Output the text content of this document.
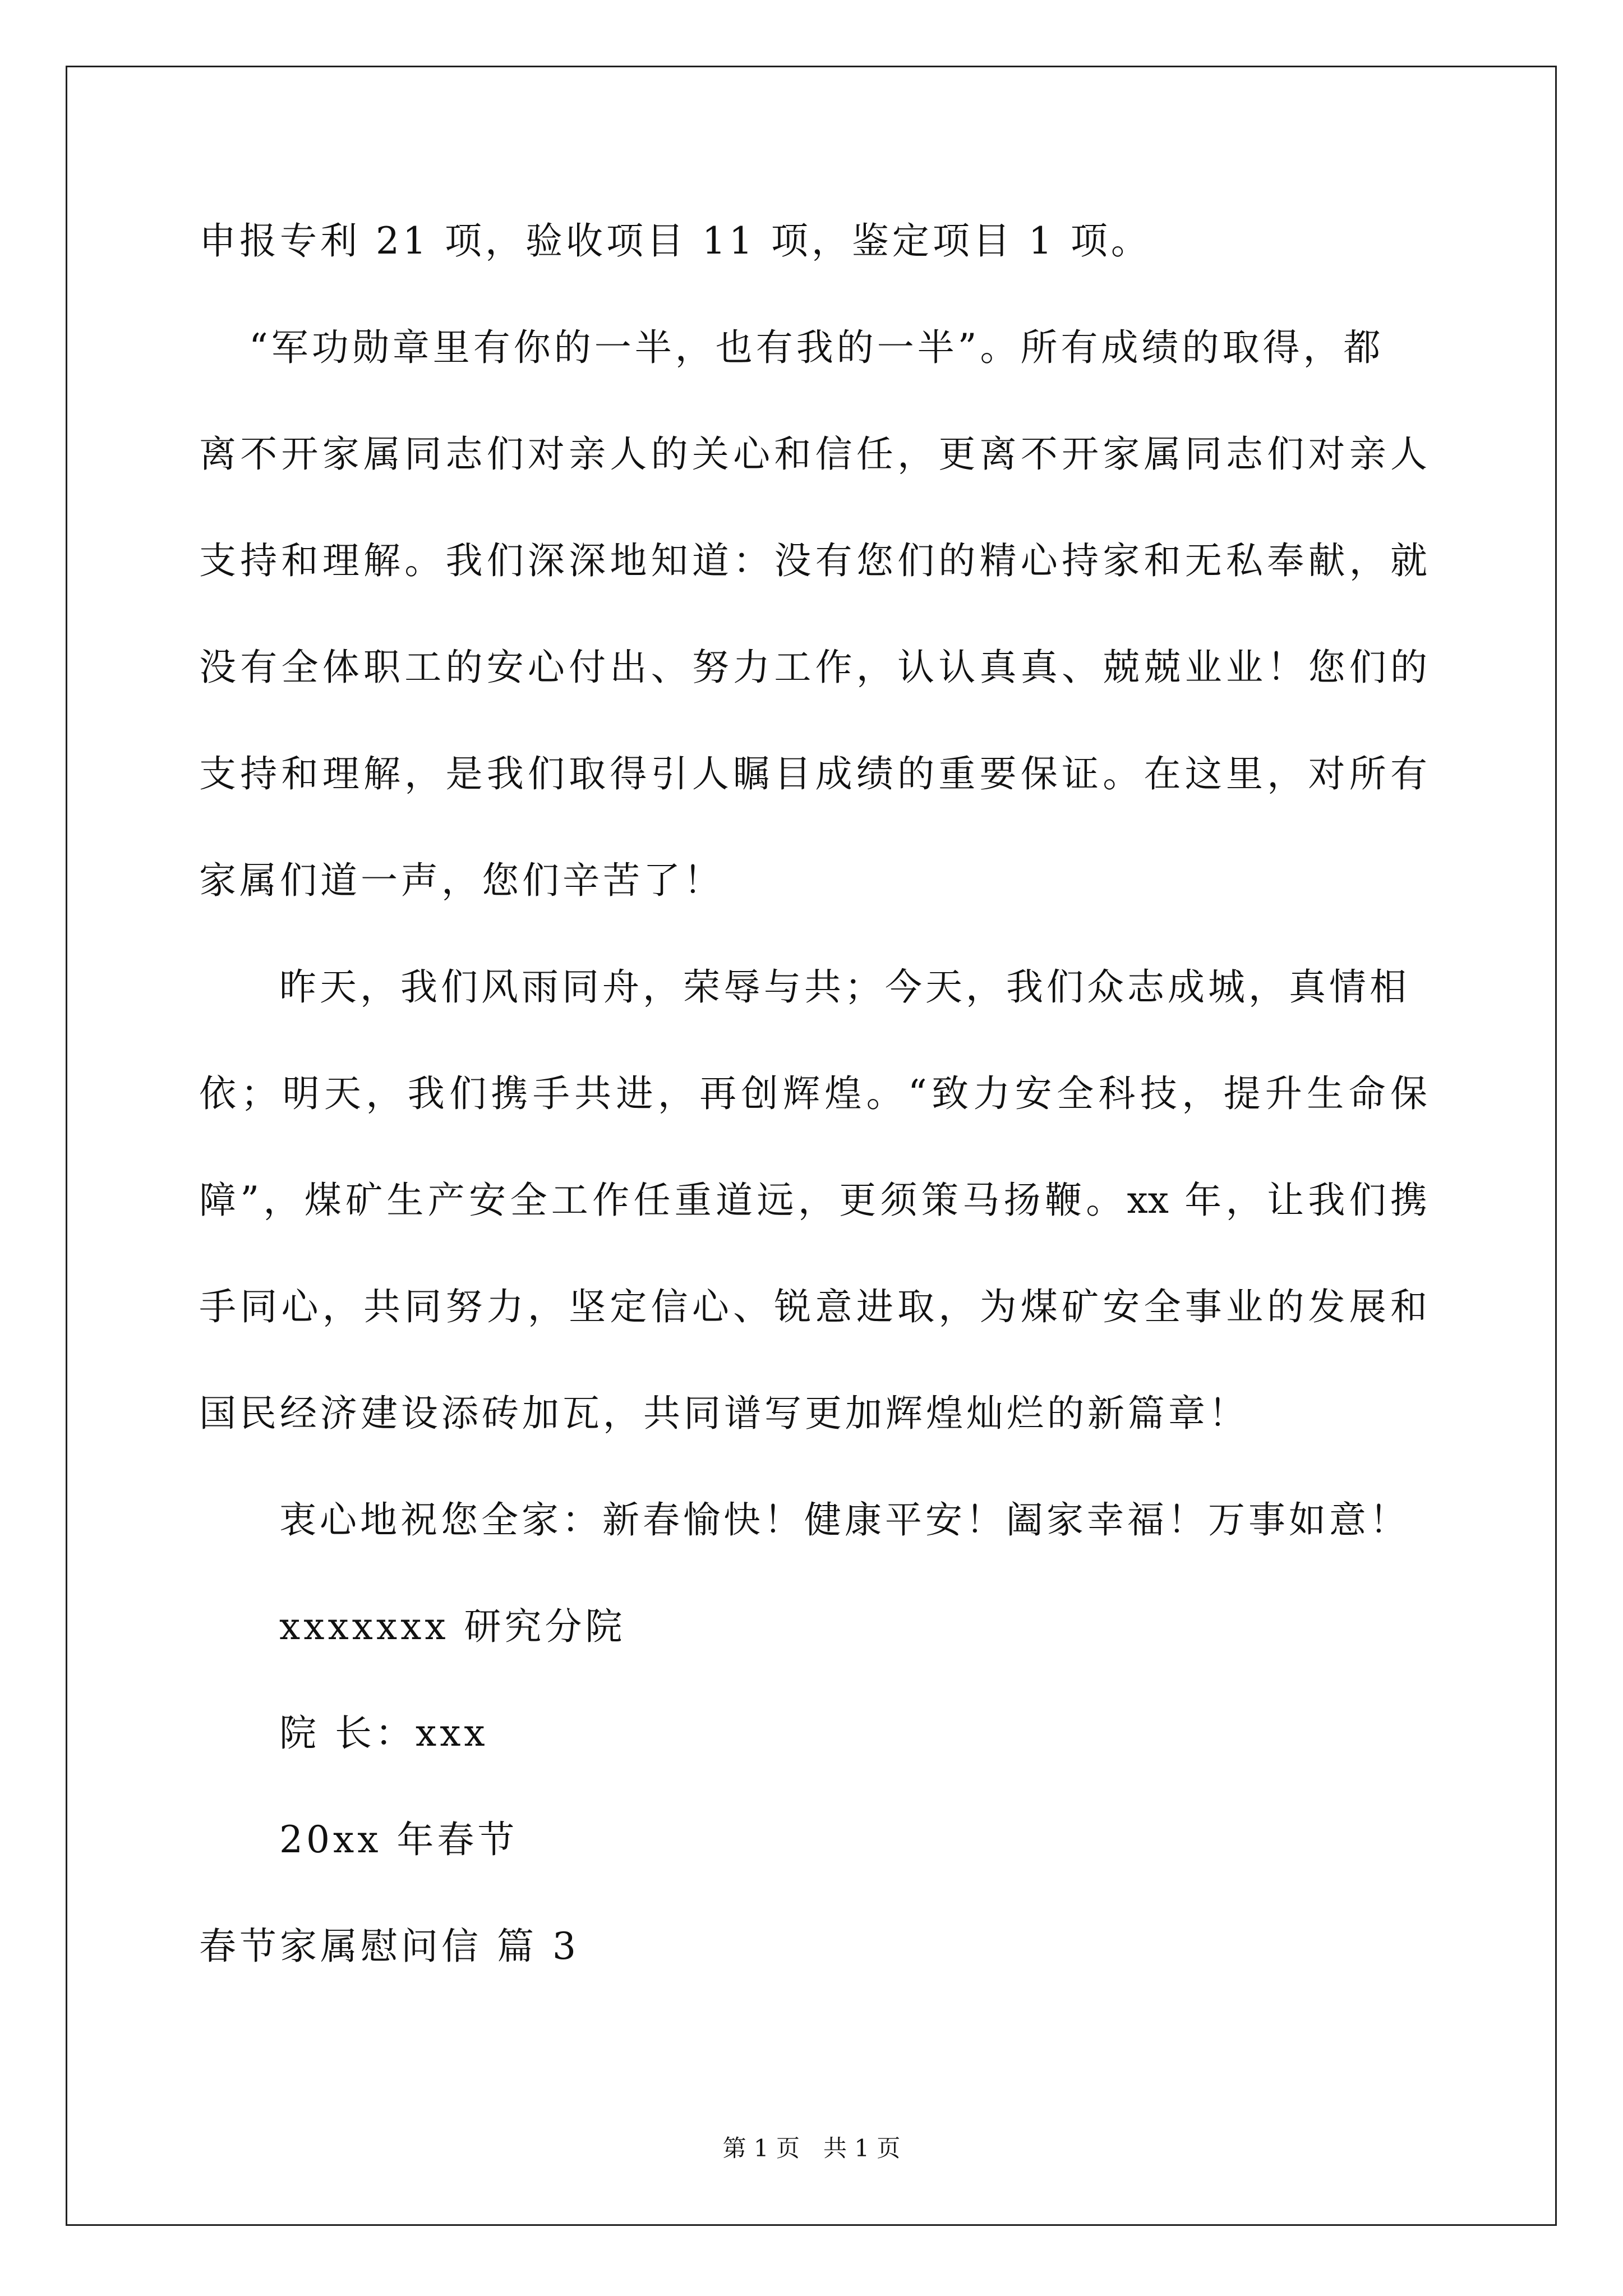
申报专利 21 项，验收项目 11 项，鉴定项目 1 项。
“军功勋章里有你的一半，也有我的一半”。所有成绩的取得，都
离不开家属同志们对亲人的关心和信任，更离不开家属同志们对亲人
支持和理解。我们深深地知道：没有您们的精心持家和无私奉献，就
没有全体职工的安心付出、努力工作，认认真真、兢兢业业！您们的
支持和理解，是我们取得引人瞩目成绩的重要保证。在这里，对所有
家属们道一声，您们辛苦了！
昨天，我们风雨同舟，荣辱与共；今天，我们众志成城，真情相
依；明天，我们携手共进，再创辉煌。“致力安全科技，提升生命保
障”，煤矿生产安全工作任重道远，更须策马扬鞭。xx 年，让我们携
手同心，共同努力，坚定信心、锐意进取，为煤矿安全事业的发展和
国民经济建设添砖加瓦，共同谱写更加辉煌灿烂的新篇章！
衷心地祝您全家：新春愉快！健康平安！阖家幸福！万事如意！
xxxxxxx 研究分院
院 长：xxx
20xx 年春节
春节家属慰问信 篇 3
第 1 页　共 1 页
